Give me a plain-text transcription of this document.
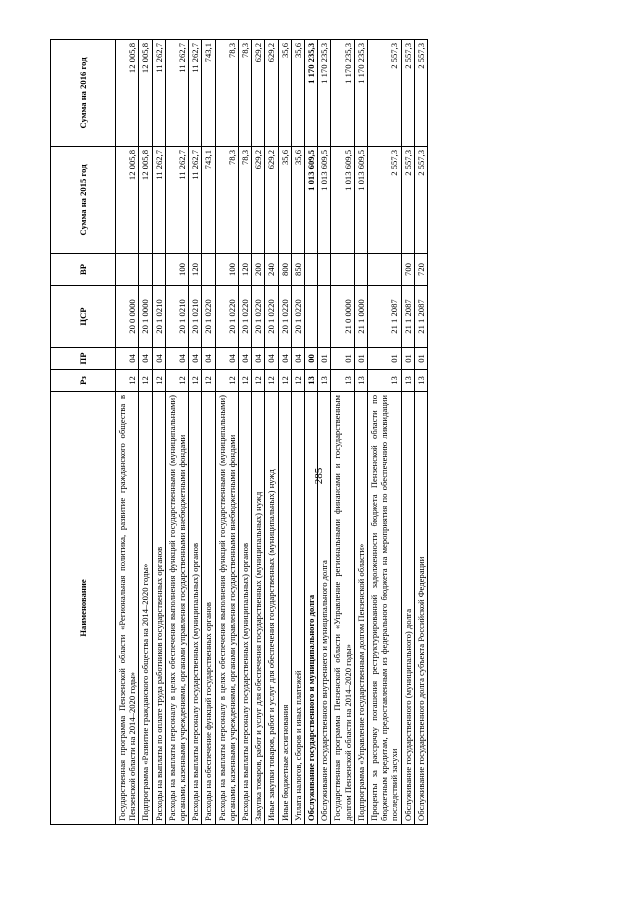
285
Наименование	Рз	ПР	ЦСР	ВР	Сумма на 2015 год	Сумма на 2016 год
Государственная программа Пензенской области «Региональная политика, развитие гражданского общества в Пензенской области на 2014–2020 годы»	12	04	20 0 0000		12 005,8	12 005,8
Подпрограмма «Развитие гражданского общества на 2014–2020 годы»	12	04	20 1 0000		12 005,8	12 005,8
Расходы на выплаты по оплате труда работников государственных органов	12	04	20 1 0210		11 262,7	11 262,7
Расходы на выплаты персоналу в целях обеспечения выполнения функций государственными (муниципальными) органами, казенными учреждениями, органами управления государственными внебюджетными фондами	12	04	20 1 0210	100	11 262,7	11 262,7
Расходы на выплаты персоналу государственных (муниципальных) органов	12	04	20 1 0210	120	11 262,7	11 262,7
Расходы на обеспечение функций государственных органов	12	04	20 1 0220		743,1	743,1
Расходы на выплаты персоналу в целях обеспечения выполнения функций государственными (муниципальными) органами, казенными учреждениями, органами управления государственными внебюджетными фондами	12	04	20 1 0220	100	78,3	78,3
Расходы на выплаты персоналу государственных (муниципальных) органов	12	04	20 1 0220	120	78,3	78,3
Закупка товаров, работ и услуг для обеспечения государственных (муниципальных) нужд	12	04	20 1 0220	200	629,2	629,2
Иные закупки товаров, работ и услуг для обеспечения государственных (муниципальных) нужд	12	04	20 1 0220	240	629,2	629,2
Иные бюджетные ассигнования	12	04	20 1 0220	800	35,6	35,6
Уплата налогов, сборов и иных платежей	12	04	20 1 0220	850	35,6	35,6
Обслуживание государственного и муниципального долга	13	00			1 013 609,5	1 170 235,3
Обслуживание государственного внутреннего и муниципального долга	13	01			1 013 609,5	1 170 235,3
Государственная программа Пензенской области «Управление региональными финансами и государственным долгом Пензенской области на 2014–2020 годы»	13	01	21 0 0000		1 013 609,5	1 170 235,3
Подпрограмма «Управление государственным долгом Пензенской области»	13	01	21 1 0000		1 013 609,5	1 170 235,3
Проценты за рассрочку погашения реструктурированной задолженности бюджета Пензенской области по бюджетным кредитам, предоставленным из федерального бюджета на мероприятия по обеспечению ликвидации последствий засухи	13	01	21 1 2087		2 557,3	2 557,3
Обслуживание государственного (муниципального) долга	13	01	21 1 2087	700	2 557,3	2 557,3
Обслуживание государственного долга субъекта Российской Федерации	13	01	21 1 2087	720	2 557,3	2 557,3
